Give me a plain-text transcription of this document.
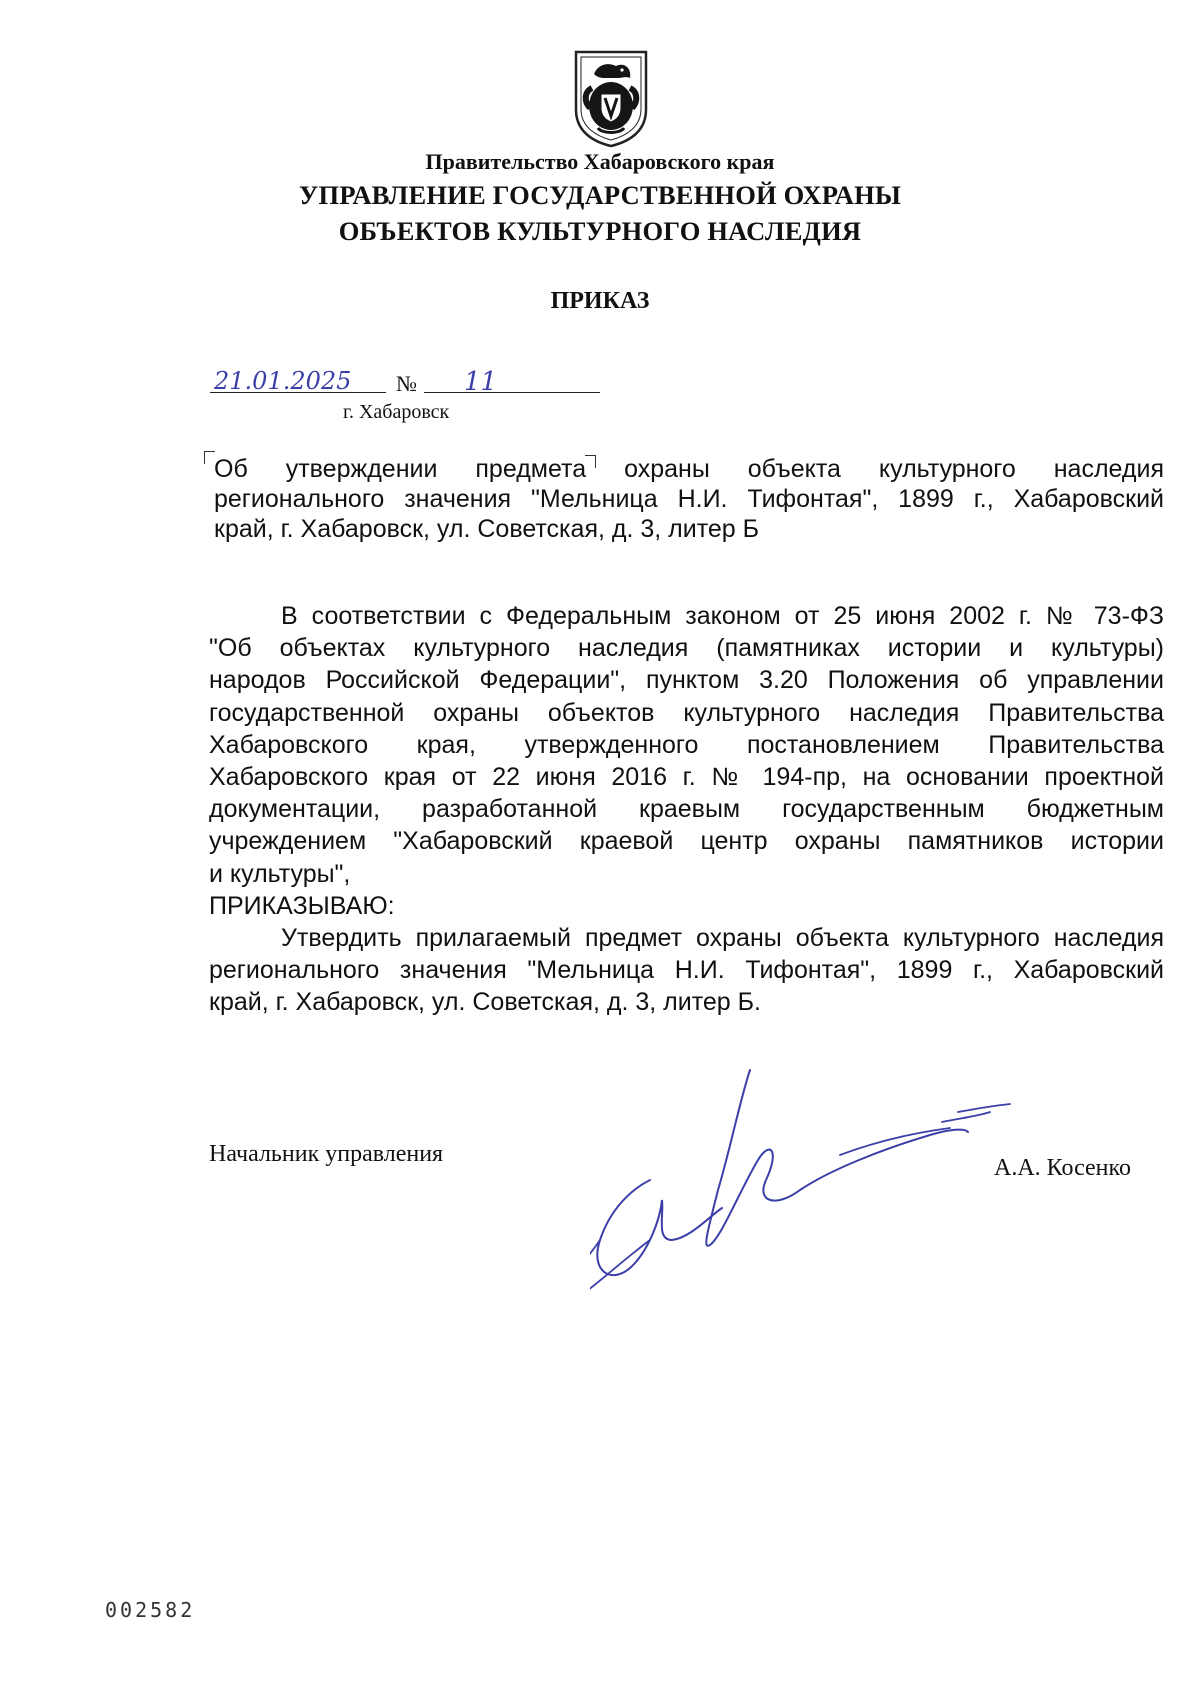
Правительство Хабаровского края
УПРАВЛЕНИЕ ГОСУДАРСТВЕННОЙ ОХРАНЫ
ОБЪЕКТОВ КУЛЬТУРНОГО НАСЛЕДИЯ
ПРИКАЗ
21.01.2025 № 11
г. Хабаровск
Об утверждении предмета охраны объекта культурного наследия
регионального значения "Мельница Н.И. Тифонтая", 1899 г., Хабаровский
край, г. Хабаровск, ул. Советская, д. 3, литер Б
В соответствии с Федеральным законом от 25 июня 2002 г. № 73-ФЗ
"Об объектах культурного наследия (памятниках истории и культуры)
народов Российской Федерации", пунктом 3.20 Положения об управлении
государственной охраны объектов культурного наследия Правительства
Хабаровского края, утвержденного постановлением Правительства
Хабаровского края от 22 июня 2016 г. № 194-пр, на основании проектной
документации, разработанной краевым государственным бюджетным
учреждением "Хабаровский краевой центр охраны памятников истории
и культуры",
ПРИКАЗЫВАЮ:
Утвердить прилагаемый предмет охраны объекта культурного наследия
регионального значения "Мельница Н.И. Тифонтая", 1899 г., Хабаровский
край, г. Хабаровск, ул. Советская, д. 3, литер Б.
Начальник управления
А.А. Косенко
002582
